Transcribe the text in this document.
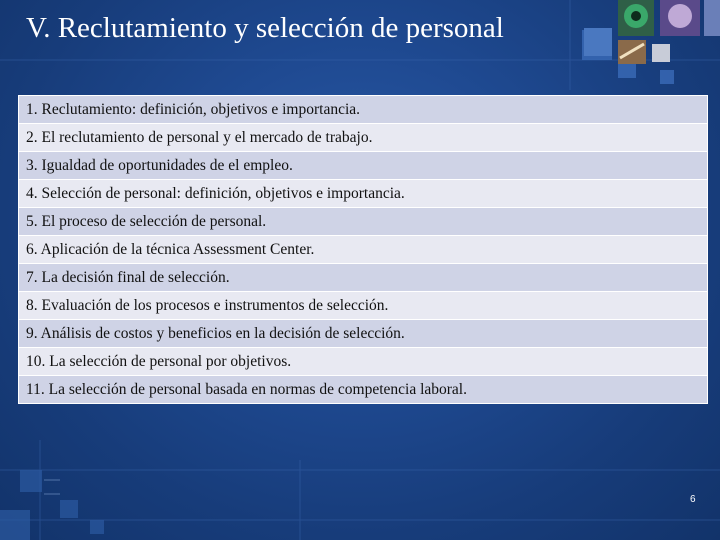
V. Reclutamiento y selección de personal
1. Reclutamiento: definición, objetivos e importancia.
2. El reclutamiento de personal y el mercado de trabajo.
3. Igualdad de oportunidades de el empleo.
4. Selección de personal: definición, objetivos e importancia.
5. El proceso de selección de personal.
6. Aplicación de la técnica Assessment Center.
7. La decisión final de selección.
8. Evaluación de los procesos e instrumentos de selección.
9. Análisis de costos y beneficios en la decisión de selección.
10. La selección de personal por objetivos.
11. La selección de personal basada en normas de competencia laboral.
6
